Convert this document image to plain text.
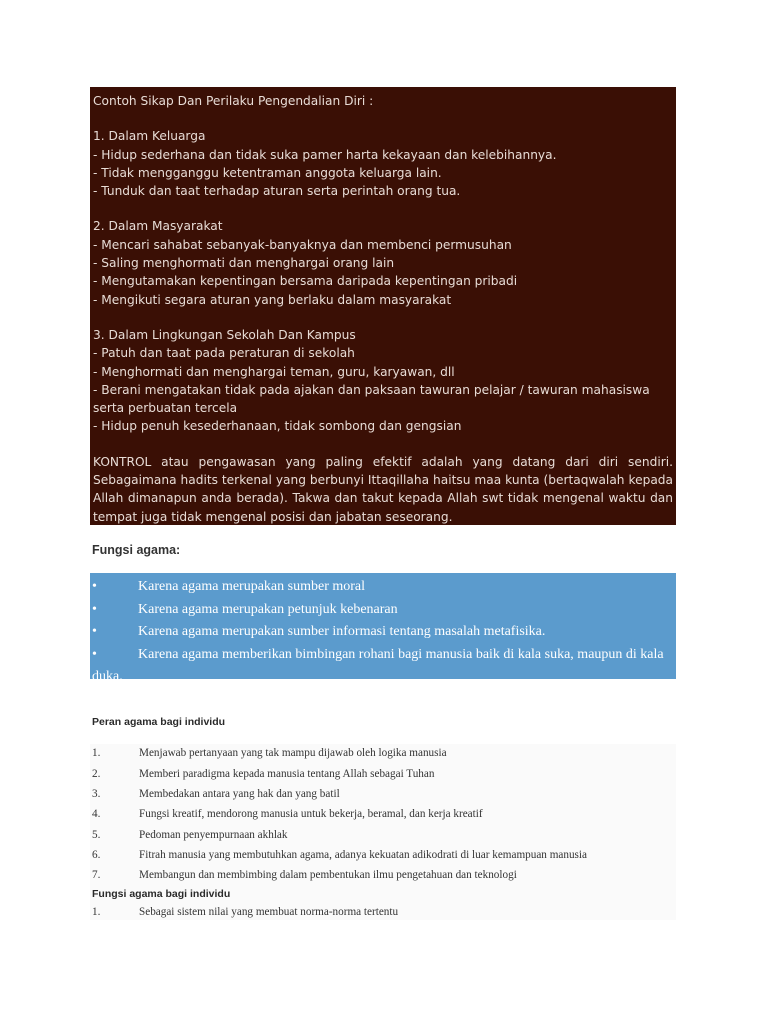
Contoh Sikap Dan Perilaku Pengendalian Diri :

1. Dalam Keluarga

- Hidup sederhana dan tidak suka pamer harta kekayaan dan kelebihannya.

- Tidak mengganggu ketentraman anggota keluarga lain.

- Tunduk dan taat terhadap aturan serta perintah orang tua.

2. Dalam Masyarakat

- Mencari sahabat sebanyak-banyaknya dan membenci permusuhan

- Saling menghormati dan menghargai orang lain

- Mengutamakan kepentingan bersama daripada kepentingan pribadi

- Mengikuti segara aturan yang berlaku dalam masyarakat

3. Dalam Lingkungan Sekolah Dan Kampus

- Patuh dan taat pada peraturan di sekolah

- Menghormati dan menghargai teman, guru, karyawan, dll

- Berani mengatakan tidak pada ajakan dan paksaan tawuran pelajar / tawuran mahasiswa serta perbuatan tercela

- Hidup penuh kesederhanaan, tidak sombong dan gengsian

KONTROL atau pengawasan yang paling efektif adalah yang datang dari diri sendiri. Sebagaimana hadits terkenal yang berbunyi Ittaqillaha haitsu maa kunta (bertaqwalah kepada Allah dimanapun anda berada). Takwa dan takut kepada Allah swt tidak mengenal waktu dan tempat juga tidak mengenal posisi dan jabatan seseorang.

Fungsi agama:
•	Karena agama merupakan sumber moral
•	Karena agama merupakan petunjuk kebenaran
•	Karena agama merupakan sumber informasi tentang masalah metafisika.
•	Karena agama memberikan bimbingan rohani bagi manusia baik di kala suka, maupun di kala duka.
Peran agama bagi individu
1.	Menjawab pertanyaan yang tak mampu dijawab oleh logika manusia
2.	Memberi paradigma kepada manusia tentang Allah sebagai Tuhan
3.	Membedakan antara yang hak dan yang batil
4.	Fungsi kreatif, mendorong manusia untuk bekerja, beramal, dan kerja kreatif
5.	Pedoman penyempurnaan akhlak
6.	Fitrah manusia yang membutuhkan agama, adanya kekuatan adikodrati di luar kemampuan manusia
7.	Membangun dan membimbing dalam pembentukan ilmu pengetahuan dan teknologi
1.	Sebagai sistem nilai yang membuat norma-norma tertentu
Fungsi agama bagi individu
